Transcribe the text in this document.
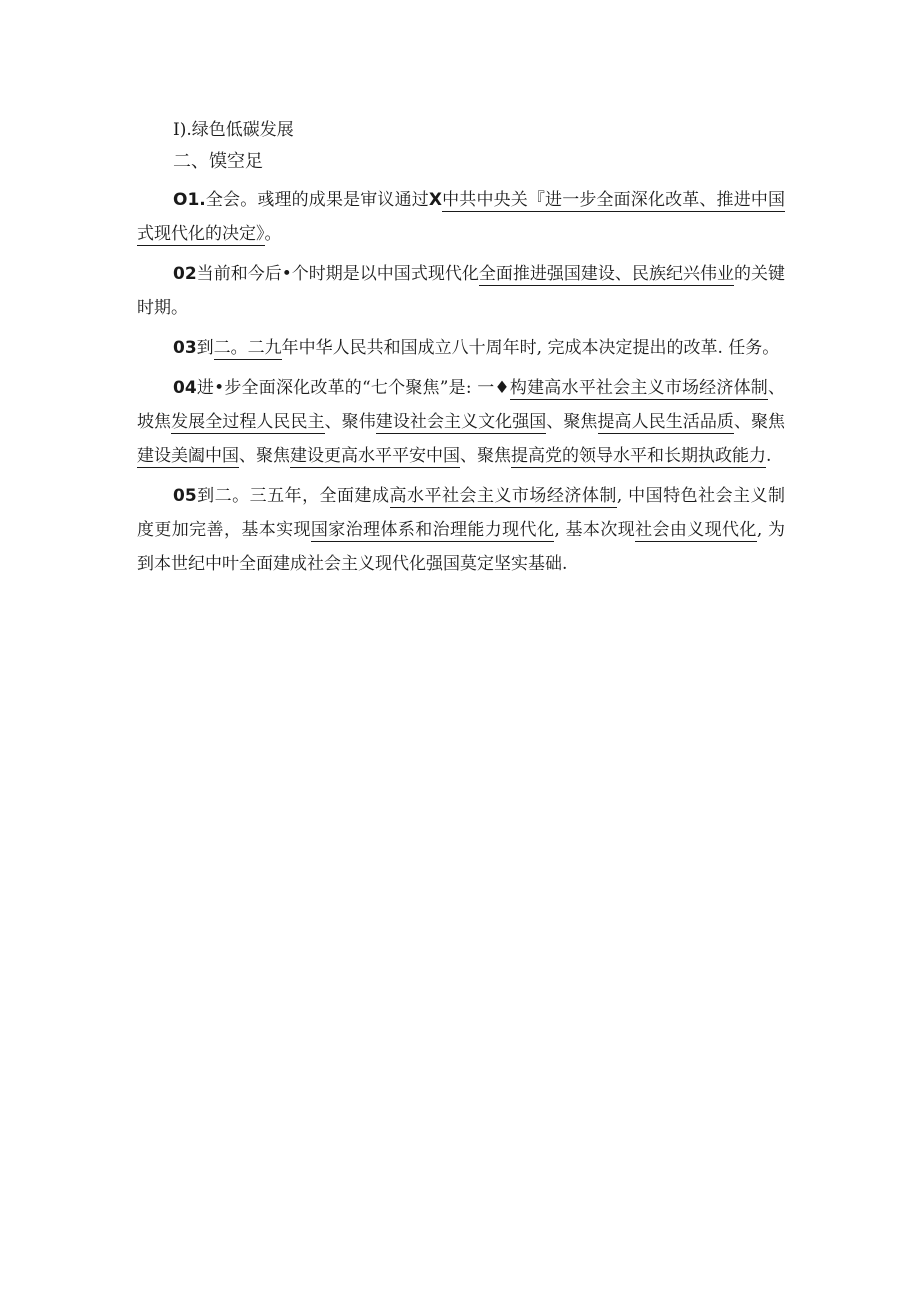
I).绿色低碳发展
二、馍空足

O1.全会。彧理的成果是审议通过X中共中央关『进一步全面深化改革、推进中国式现代化的决定》。

02当前和今后•个时期是以中国式现代化全面推进强国建设、民族纪兴伟业的关键时期。

03到二。二九年中华人民共和国成立八十周年时, 完成本决定提出的改革. 任务。

04进•步全面深化改革的“七个聚焦”是: 一♦构建高水平社会主义市场经济体制、坡焦发展全过程人民民主、聚伟建设社会主义文化强国、聚焦提高人民生活品质、聚焦建设美阖中国、聚焦建设更高水平平安中国、聚焦提高党的领导水平和长期执政能力.

05到二。三五年，全面建成高水平社会主义市场经济体制, 中国特色社会主义制度更加完善，基本实现国家治理体系和治理能力现代化, 基本次现社会由义现代化, 为到本世纪中叶全面建成社会主义现代化强国莫定坚实基础.
